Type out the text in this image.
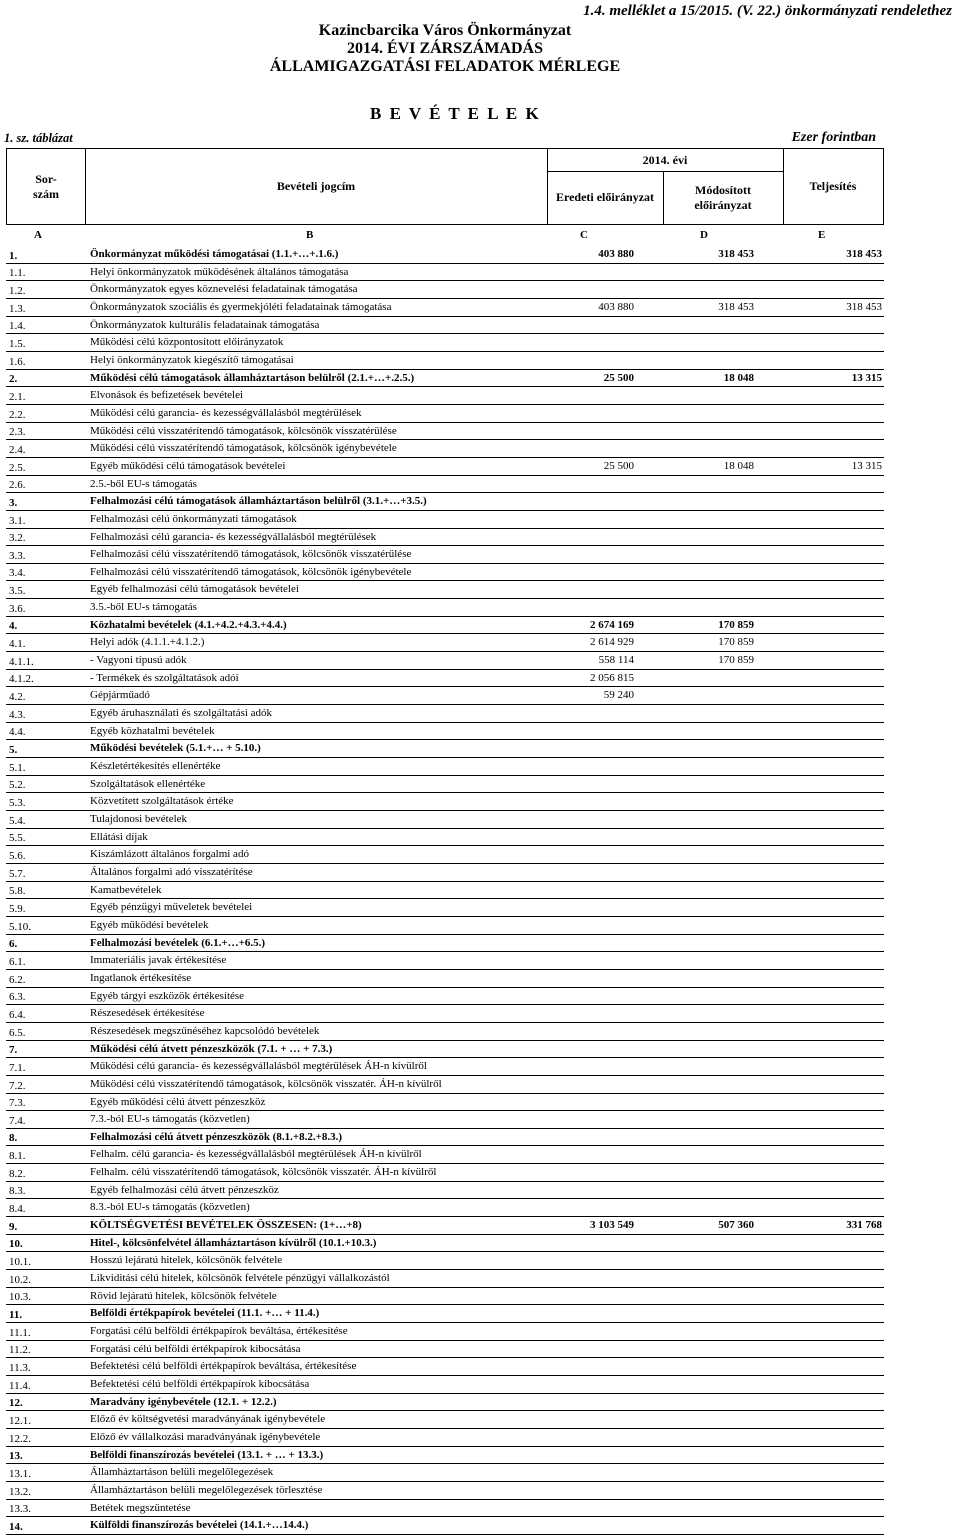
Kazincbarcika Város Önkormányzat
2014. ÉVI ZÁRSZÁMADÁS
ÁLLAMIGAZGATÁSI FELADATOK MÉRLEGE
1.4. melléklet a 15/2015. (V. 22.) önkormányzati rendelethez
B E V É T E L E K
1. sz. táblázat	Ezer forintban
Sor-szám
Bevételi jogcím
Eredeti előirányzat
2014. évi
Módosított előirányzat
Teljesítés
A	B	C	D	E
1.	Önkormányzat működési támogatásai (1.1.+…+.1.6.)	403 880	318 453	318 453
1.1.	Helyi önkormányzatok működésének általános támogatása
1.2.	Önkormányzatok egyes köznevelési feladatainak támogatása
1.3.	Önkormányzatok szociális és gyermekjóléti feladatainak támogatása	403 880	318 453	318 453
1.4.	Önkormányzatok kulturális feladatainak támogatása
1.5.	Működési célú központosított előirányzatok
1.6.	Helyi önkormányzatok kiegészítő támogatásai
2.	Működési célú támogatások államháztartáson belülről (2.1.+…+.2.5.)	25 500	18 048	13 315
2.1.	Elvonások és befizetések bevételei
2.2.	Működési célú garancia- és kezességvállalásból megtérülések
2.3.	Működési célú visszatérítendő támogatások, kölcsönök visszatérülése
2.4.	Működési célú visszatérítendő támogatások, kölcsönök igénybevétele
2.5.	Egyéb működési célú támogatások bevételei	25 500	18 048	13 315
2.6.	2.5.-ből EU-s támogatás
3.	Felhalmozási célú támogatások államháztartáson belülről (3.1.+…+3.5.)
3.1.	Felhalmozási célú önkormányzati támogatások
3.2.	Felhalmozási célú garancia- és kezességvállalásból megtérülések
3.3.	Felhalmozási célú visszatérítendő támogatások, kölcsönök visszatérülése
3.4.	Felhalmozási célú visszatérítendő támogatások, kölcsönök igénybevétele
3.5.	Egyéb felhalmozási célú támogatások bevételei
3.6.	3.5.-ből EU-s támogatás
4.	Közhatalmi bevételek (4.1.+4.2.+4.3.+4.4.)	2 674 169	170 859
4.1.	Helyi adók (4.1.1.+4.1.2.)	2 614 929	170 859
4.1.1.	- Vagyoni típusú adók	558 114	170 859
4.1.2.	- Termékek és szolgáltatások adói	2 056 815
4.2.	Gépjárműadó	59 240
4.3.	Egyéb áruhasználati és szolgáltatási adók
4.4.	Egyéb közhatalmi bevételek
5.	Működési bevételek (5.1.+… + 5.10.)
5.1.	Készletértékesítés ellenértéke
5.2.	Szolgáltatások ellenértéke
5.3.	Közvetített szolgáltatások értéke
5.4.	Tulajdonosi bevételek
5.5.	Ellátási díjak
5.6.	Kiszámlázott általános forgalmi adó
5.7.	Általános forgalmi adó visszatérítése
5.8.	Kamatbevételek
5.9.	Egyéb pénzügyi műveletek bevételei
5.10.	Egyéb működési bevételek
6.	Felhalmozási bevételek (6.1.+…+6.5.)
6.1.	Immateriális javak értékesítése
6.2.	Ingatlanok értékesítése
6.3.	Egyéb tárgyi eszközök értékesítése
6.4.	Részesedések értékesítése
6.5.	Részesedések megszűnéséhez kapcsolódó bevételek
7.	Működési célú átvett pénzeszközök (7.1. + … + 7.3.)
7.1.	Működési célú garancia- és kezességvállalásból megtérülések ÁH-n kívülről
7.2.	Működési célú visszatérítendő támogatások, kölcsönök visszatér. ÁH-n kívülről
7.3.	Egyéb működési célú átvett pénzeszköz
7.4.	7.3.-ból EU-s támogatás (közvetlen)
8.	Felhalmozási célú átvett pénzeszközök (8.1.+8.2.+8.3.)
8.1.	Felhalm. célú garancia- és kezességvállalásból megtérülések ÁH-n kívülről
8.2.	Felhalm. célú visszatérítendő támogatások, kölcsönök visszatér. ÁH-n kívülről
8.3.	Egyéb felhalmozási célú átvett pénzeszköz
8.4.	8.3.-ból EU-s támogatás (közvetlen)
9.	KÖLTSÉGVETÉSI BEVÉTELEK ÖSSZESEN: (1+…+8)	3 103 549	507 360	331 768
10.	Hitel-, kölcsönfelvétel államháztartáson kívülről (10.1.+10.3.)
10.1.	Hosszú lejáratú hitelek, kölcsönök felvétele
10.2.	Likviditási célú hitelek, kölcsönök felvétele pénzügyi vállalkozástól
10.3.	Rövid lejáratú hitelek, kölcsönök felvétele
11.	Belföldi értékpapírok bevételei (11.1. +… + 11.4.)
11.1.	Forgatási célú belföldi értékpapírok beváltása, értékesítése
11.2.	Forgatási célú belföldi értékpapírok kibocsátása
11.3.	Befektetési célú belföldi értékpapírok beváltása, értékesítése
11.4.	Befektetési célú belföldi értékpapírok kibocsátása
12.	Maradvány igénybevétele (12.1. + 12.2.)
12.1.	Előző év költségvetési maradványának igénybevétele
12.2.	Előző év vállalkozási maradványának igénybevétele
13.	Belföldi finanszírozás bevételei (13.1. + … + 13.3.)
13.1.	Államháztartáson belüli megelőlegezések
13.2.	Államháztartáson belüli megelőlegezések törlesztése
13.3.	Betétek megszüntetése
14.	Külföldi finanszírozás bevételei (14.1.+…14.4.)
